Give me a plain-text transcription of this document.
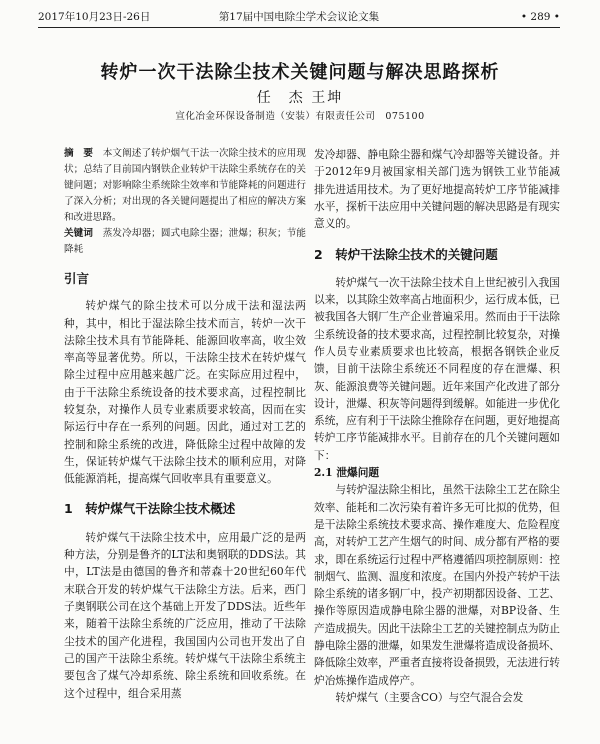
2017年10月23日-26日	第17届中国电除尘学术会议论文集	• 289 •
转炉一次干法除尘技术关键问题与解决思路探析
任　杰 王坤
宣化冶金环保设备制造（安装）有限责任公司　075100

摘　要　 本文阐述了转炉烟气干法一次除尘技术的应用现状；总结了目前国内钢铁企业转炉干法除尘系统存在的关键问题；对影响除尘系统除尘效率和节能降耗的问题进行了深入分析；对出现的各关键问题提出了相应的解决方案和改进思路。

关键词　 蒸发冷却器；圆式电除尘器；泄爆；积灰；节能降耗

引言

转炉煤气的除尘技术可以分成干法和湿法两种，其中，相比于湿法除尘技术而言，转炉一次干法除尘技术具有节能降耗、能源回收率高，收尘效率高等显著优势。所以，干法除尘技术在转炉煤气除尘过程中应用越来越广泛。在实际应用过程中，由于干法除尘系统设备的技术要求高，过程控制比较复杂，对操作人员专业素质要求较高，因而在实际运行中存在一系列的问题。因此，通过对工艺的控制和除尘系统的改进，降低除尘过程中故障的发生，保证转炉煤气干法除尘技术的顺利应用，对降低能源消耗，提高煤气回收率具有重要意义。

1　转炉煤气干法除尘技术概述

转炉煤气干法除尘技术中，应用最广泛的是两种方法，分别是鲁齐的LT法和奥钢联的DDS法。其中，LT法是由德国的鲁齐和蒂森十20世纪60年代末联合开发的转炉煤气干法除尘方法。后来，西门子奥钢联公司在这个基础上开发了DDS法。近些年来，随着干法除尘系统的广泛应用，推动了干法除尘技术的国产化进程，我国国内公司也开发出了自己的国产干法除尘系统。转炉煤气干法除尘系统主要包含了煤气冷却系统、除尘系统和回收系统。在这个过程中，组合采用蒸

发冷却器、静电除尘器和煤气冷却器等关键设备。并于2012年9月被国家相关部门选为钢铁工业节能减排先进适用技术。为了更好地提高转炉工序节能减排水平，探析干法应用中关键问题的解决思路是有现实意义的。

2　转炉干法除尘技术的关键问题

转炉煤气一次干法除尘技术自上世纪被引入我国以来，以其除尘效率高占地面积少，运行成本低，已被我国各大钢厂生产企业普遍采用。然而由于干法除尘系统设备的技术要求高，过程控制比较复杂，对操作人员专业素质要求也比较高，根据各钢铁企业反馈，目前干法除尘系统还不同程度的存在泄爆、积灰、能源浪费等关键问题。近年来国产化改进了部分设计，泄爆、积灰等问题得到缓解。如能进一步优化系统，应有利于干法除尘推除存在问题，更好地提高转炉工序节能减排水平。目前存在的几个关键问题如下：

2.1 泄爆问题

与转炉湿法除尘相比，虽然干法除尘工艺在除尘效率、能耗和二次污染有着许多无可比拟的优势，但是干法除尘系统技术要求高、操作难度大、危险程度高，对转炉工艺产生烟气的时间、成分都有严格的要求，即在系统运行过程中严格遵循四项控制原则：控制烟气、监测、温度和浓度。在国内外投产转炉干法除尘系统的诸多钢厂中，投产初期都因设备、工艺、操作等原因造成静电除尘器的泄爆，对BP设备、生产造成损失。因此干法除尘工艺的关键控制点为防止静电除尘器的泄爆，如果发生泄爆将造成设备损坏、降低除尘效率，严重者直接将设备损毁，无法进行转炉冶炼操作造成停产。

转炉煤气（主要含CO）与空气混合会发
